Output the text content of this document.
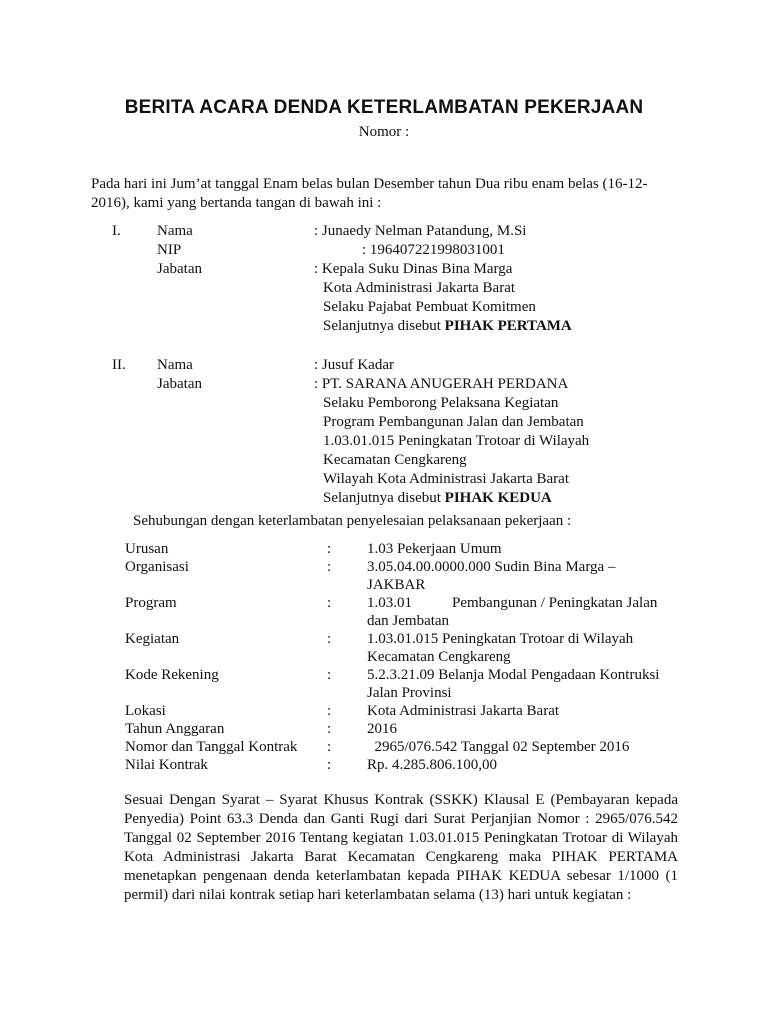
BERITA ACARA DENDA KETERLAMBATAN PEKERJAAN
Nomor :

Pada hari ini Jum’at tanggal Enam belas bulan Desember tahun Dua ribu enam belas (16-12-

2016), kami yang bertanda tangan di bawah ini :

I. Nama	: Junaedy Nelman Patandung, M.Si
NIP	: 196407221998031001
Jabatan	: Kepala Suku Dinas Bina Marga
Kota Administrasi Jakarta Barat
Selaku Pajabat Pembuat Komitmen
Selanjutnya disebut PIHAK PERTAMA
II. Nama	: Jusuf Kadar
Jabatan	: PT. SARANA ANUGERAH PERDANA
Selaku Pemborong Pelaksana Kegiatan
Program Pembangunan Jalan dan Jembatan
1.03.01.015 Peningkatan Trotoar di Wilayah
Kecamatan Cengkareng
Wilayah Kota Administrasi Jakarta Barat
Selanjutnya disebut PIHAK KEDUA
Sehubungan dengan keterlambatan penyelesaian pelaksanaan pekerjaan :
Urusan	: 1.03 Pekerjaan Umum
Organisasi	: 3.05.04.00.0000.000 Sudin Bina Marga –
JAKBAR
Program	: 1.03.01	Pembangunan / Peningkatan Jalan
dan Jembatan
Kegiatan	: 1.03.01.015 Peningkatan Trotoar di Wilayah
Kecamatan Cengkareng
Kode Rekening	: 5.2.3.21.09 Belanja Modal Pengadaan Kontruksi
Jalan Provinsi
Lokasi	: Kota Administrasi Jakarta Barat
Tahun Anggaran	: 2016
Nomor dan Tanggal Kontrak : 2965/076.542 Tanggal 02 September 2016
Nilai Kontrak	: Rp. 4.285.806.100,00
Sesuai Dengan Syarat – Syarat Khusus Kontrak (SSKK) Klausal E (Pembayaran kepada
Penyedia) Point 63.3 Denda dan Ganti Rugi dari Surat Perjanjian Nomor : 2965/076.542
Tanggal 02 September 2016 Tentang kegiatan 1.03.01.015 Peningkatan Trotoar di Wilayah
Kota Administrasi Jakarta Barat Kecamatan Cengkareng maka PIHAK PERTAMA
menetapkan pengenaan denda keterlambatan kepada PIHAK KEDUA sebesar 1/1000 (1
permil) dari nilai kontrak setiap hari keterlambatan selama (13) hari untuk kegiatan :
